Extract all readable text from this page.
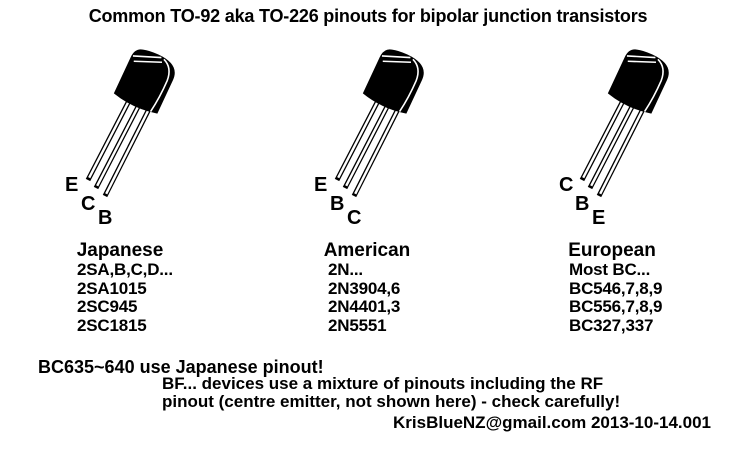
Common TO-92 aka TO-226 pinouts for bipolar junction transistors
E
C
B
E
B
C
C
B
E
Japanese	American	European
2SA,B,C,D...
2SA1015
2SC945
2SC1815
2N...
2N3904,6
2N4401,3
2N5551
Most BC...
BC546,7,8,9
BC556,7,8,9
BC327,337
BC635~640 use Japanese pinout!
BF... devices use a mixture of pinouts including the RF
pinout (centre emitter, not shown here) - check carefully!
KrisBlueNZ@gmail.com 2013-10-14.001
